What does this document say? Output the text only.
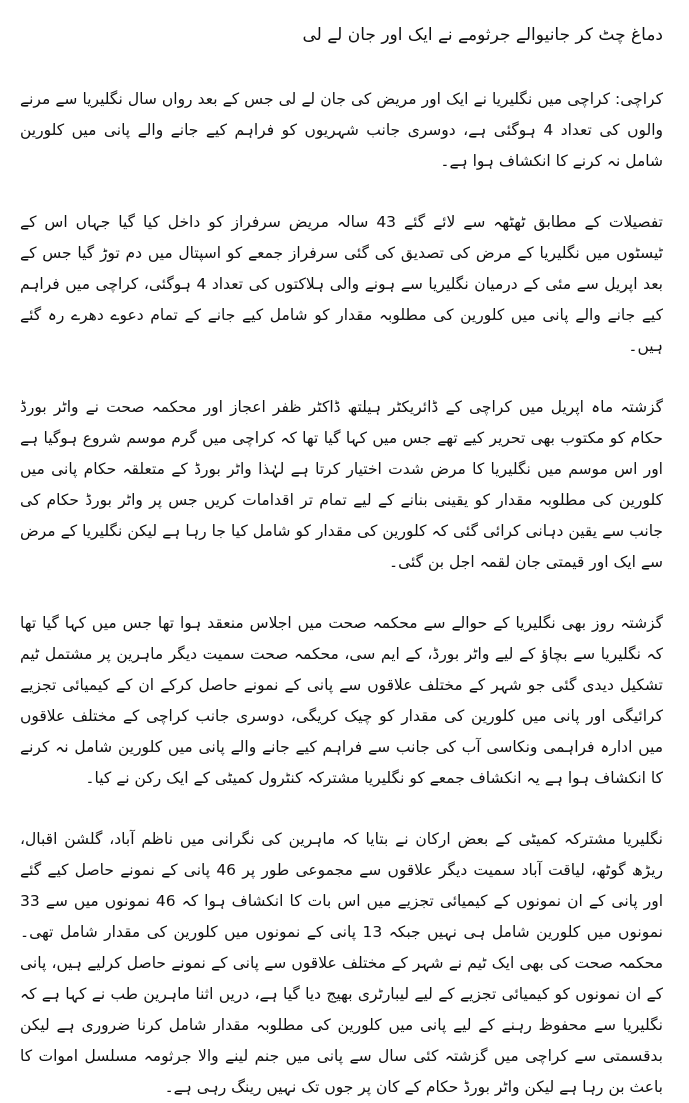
دماغ چٹ کر جانیوالے جرثومے نے ایک اور جان لے لی

کراچی: کراچی میں نگلیریا نے ایک اور مریض کی جان لے لی جس کے بعد رواں سال نگلیریا سے مرنے والوں کی تعداد 4 ہوگئی ہے، دوسری جانب شہریوں کو فراہم کیے جانے والے پانی میں کلورین شامل نہ کرنے کا انکشاف ہوا ہے۔

تفصیلات کے مطابق ٹھٹھہ سے لائے گئے 43 سالہ مریض سرفراز کو داخل کیا گیا جہاں اس کے ٹیسٹوں میں نگلیریا کے مرض کی تصدیق کی گئی سرفراز جمعے کو اسپتال میں دم توڑ گیا جس کے بعد اپریل سے مئی کے درمیان نگلیریا سے ہونے والی ہلاکتوں کی تعداد 4 ہوگئی، کراچی میں فراہم کیے جانے والے پانی میں کلورین کی مطلوبہ مقدار کو شامل کیے جانے کے تمام دعوے دھرے رہ گئے ہیں۔

گزشتہ ماہ اپریل میں کراچی کے ڈائریکٹر ہیلتھ ڈاکٹر ظفر اعجاز اور محکمہ صحت نے واٹر بورڈ حکام کو مکتوب بھی تحریر کیے تھے جس میں کہا گیا تھا کہ کراچی میں گرم موسم شروع ہوگیا ہے اور اس موسم میں نگلیریا کا مرض شدت اختیار کرتا ہے لہٰذا واٹر بورڈ کے متعلقہ حکام پانی میں کلورین کی مطلوبہ مقدار کو یقینی بنانے کے لیے تمام تر اقدامات کریں جس پر واٹر بورڈ حکام کی جانب سے یقین دہانی کرائی گئی کہ کلورین کی مقدار کو شامل کیا جا رہا ہے لیکن نگلیریا کے مرض سے ایک اور قیمتی جان لقمہ اجل بن گئی۔

گزشتہ روز بھی نگلیریا کے حوالے سے محکمہ صحت میں اجلاس منعقد ہوا تھا جس میں کہا گیا تھا کہ نگلیریا سے بچاؤ کے لیے واٹر بورڈ، کے ایم سی، محکمہ صحت سمیت دیگر ماہرین پر مشتمل ٹیم تشکیل دیدی گئی جو شہر کے مختلف علاقوں سے پانی کے نمونے حاصل کرکے ان کے کیمیائی تجزیے کرائیگی اور پانی میں کلورین کی مقدار کو چیک کریگی، دوسری جانب کراچی کے مختلف علاقوں میں ادارہ فراہمی ونکاسی آب کی جانب سے فراہم کیے جانے والے پانی میں کلورین شامل نہ کرنے کا انکشاف ہوا ہے یہ انکشاف جمعے کو نگلیریا مشترکہ کنٹرول کمیٹی کے ایک رکن نے کیا۔

نگلیریا مشترکہ کمیٹی کے بعض ارکان نے بتایا کہ ماہرین کی نگرانی میں ناظم آباد، گلشن اقبال، ریڑھ گوٹھ، لیاقت آباد سمیت دیگر علاقوں سے مجموعی طور پر 46 پانی کے نمونے حاصل کیے گئے اور پانی کے ان نمونوں کے کیمیائی تجزیے میں اس بات کا انکشاف ہوا کہ 46 نمونوں میں سے 33 نمونوں میں کلورین شامل ہی نہیں جبکہ 13 پانی کے نمونوں میں کلورین کی مقدار شامل تھی۔ محکمہ صحت کی بھی ایک ٹیم نے شہر کے مختلف علاقوں سے پانی کے نمونے حاصل کرلیے ہیں، پانی کے ان نمونوں کو کیمیائی تجزیے کے لیے لیبارٹری بھیج دیا گیا ہے، دریں اثنا ماہرین طب نے کہا ہے کہ نگلیریا سے محفوظ رہنے کے لیے پانی میں کلورین کی مطلوبہ مقدار شامل کرنا ضروری ہے لیکن بدقسمتی سے کراچی میں گزشتہ کئی سال سے پانی میں جنم لینے والا جرثومہ مسلسل اموات کا باعث بن رہا ہے لیکن واٹر بورڈ حکام کے کان پر جوں تک نہیں رینگ رہی ہے۔
